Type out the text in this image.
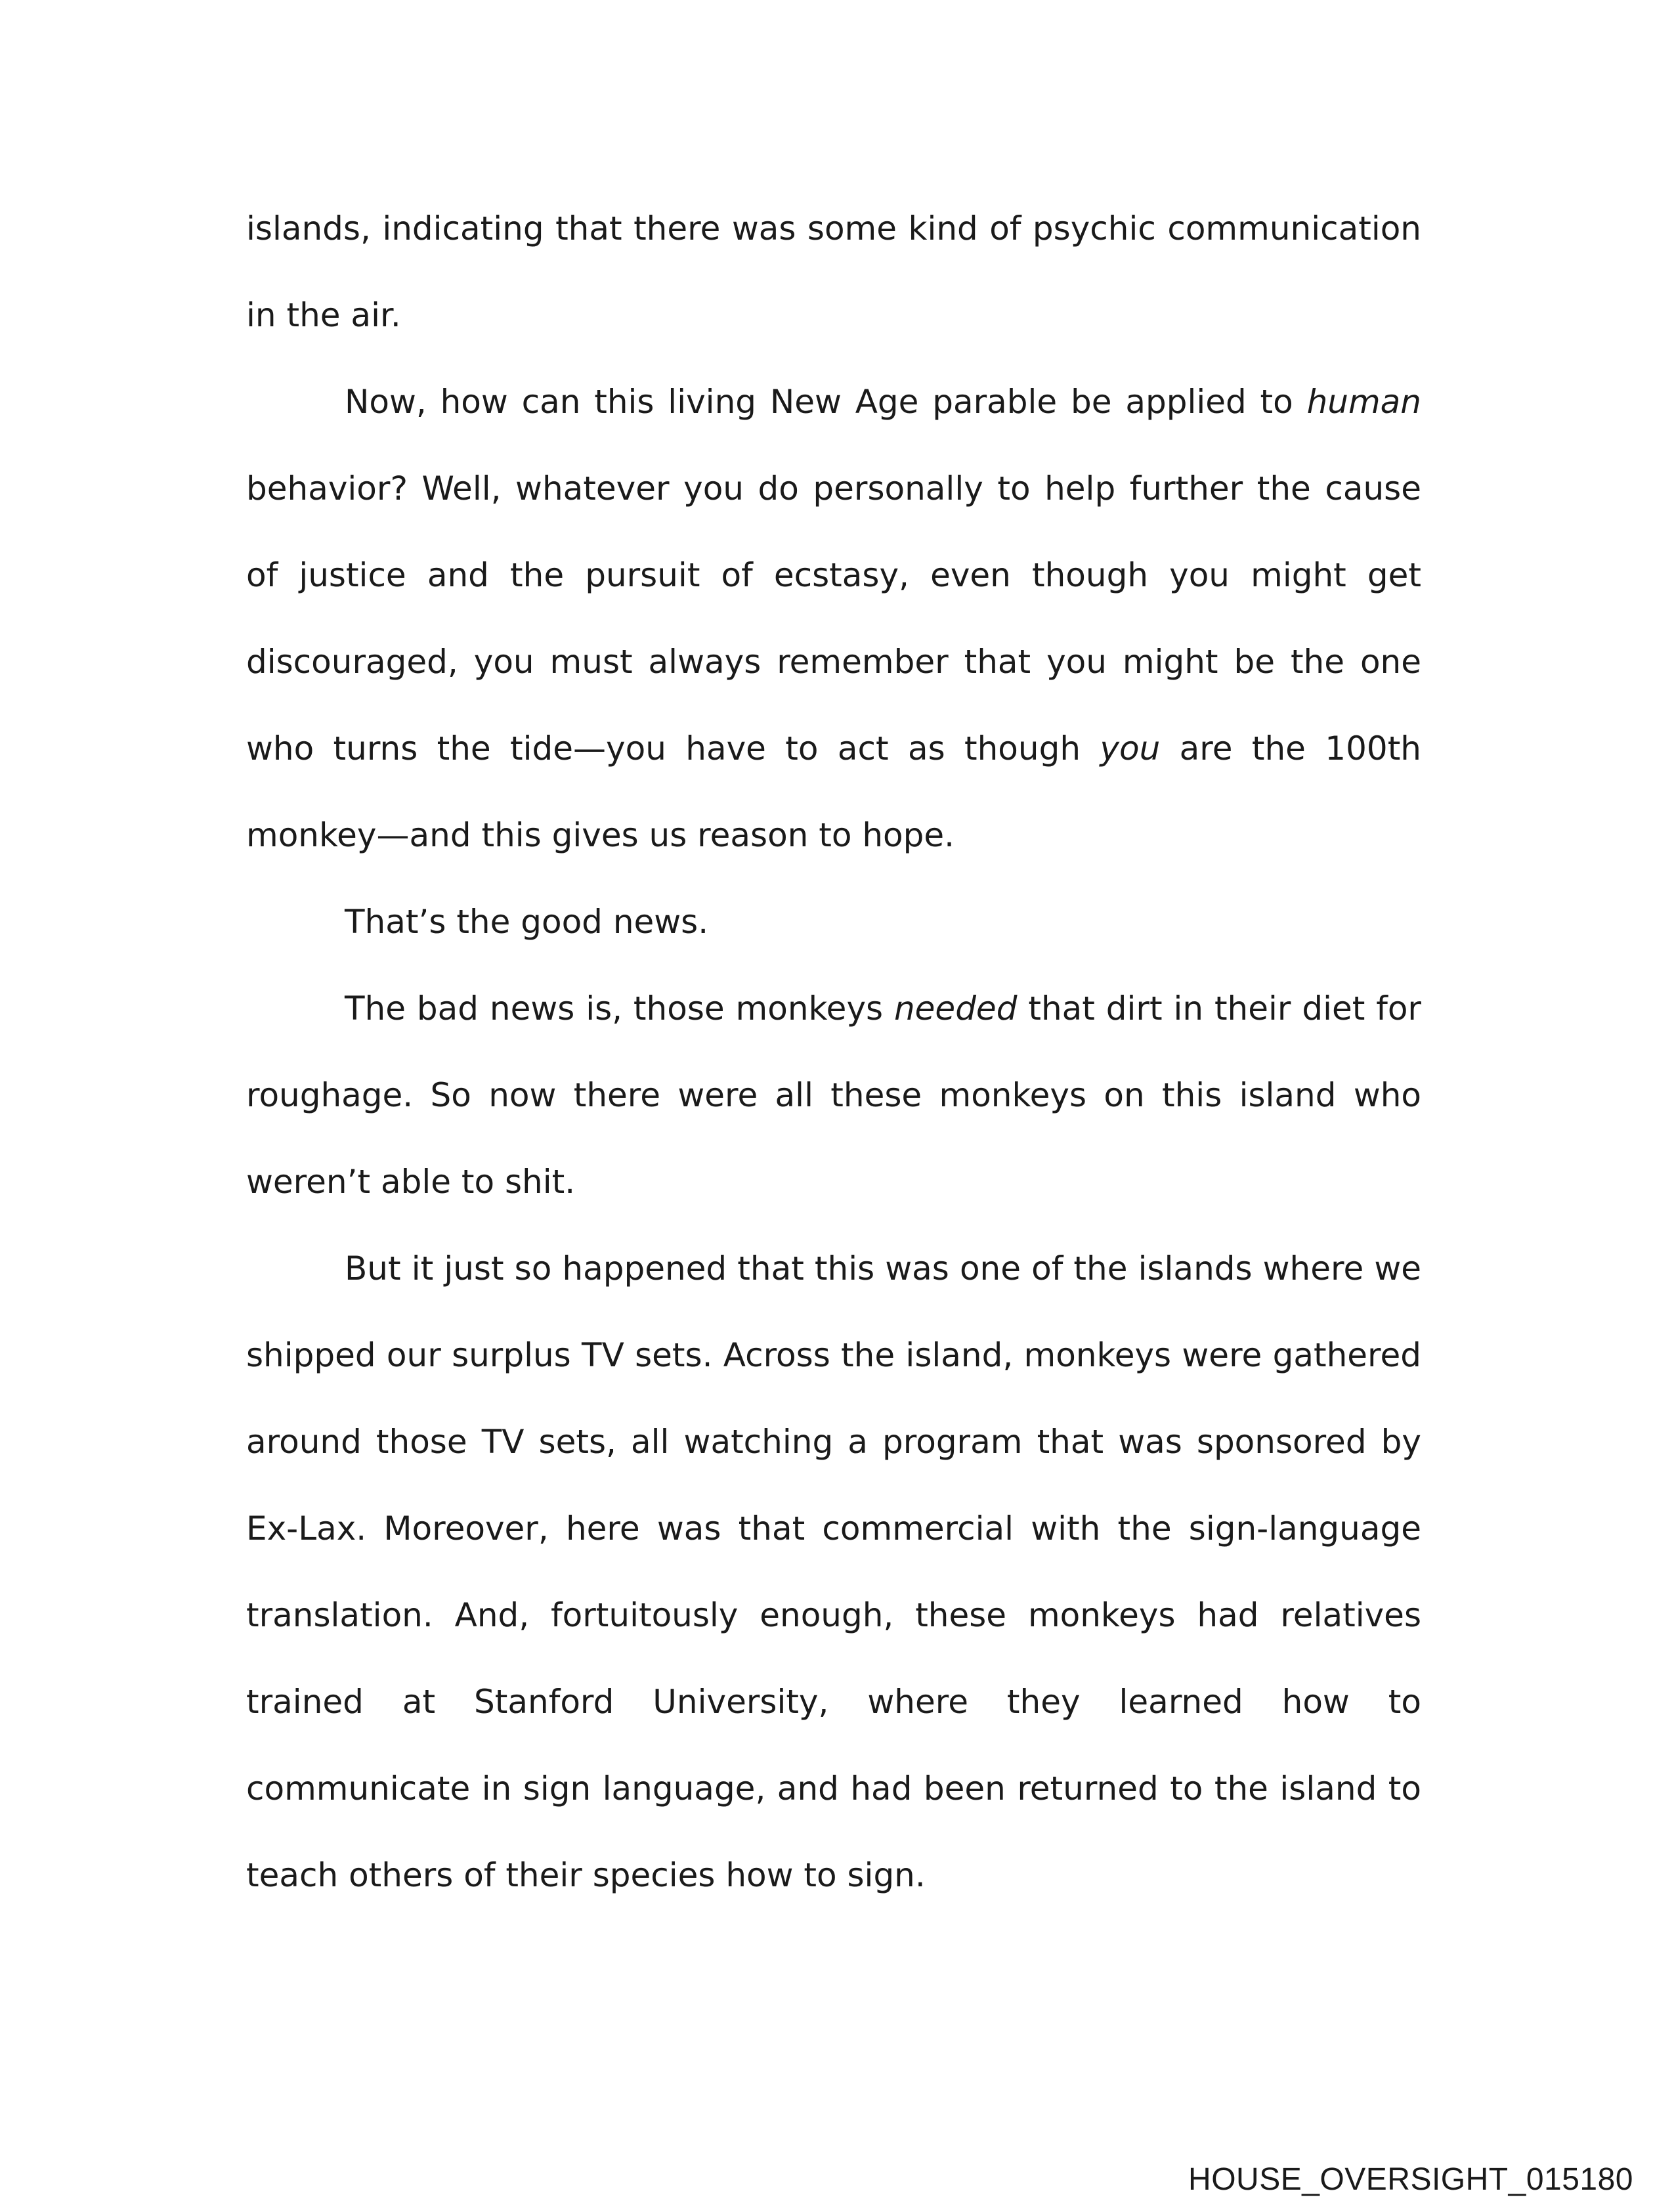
islands, indicating that there was some kind of psychic communication in the air.

Now, how can this living New Age parable be applied to human behavior? Well, whatever you do personally to help further the cause of justice and the pursuit of ecstasy, even though you might get discouraged, you must always remember that you might be the one who turns the tide—you have to act as though you are the 100th monkey—and this gives us reason to hope.

That’s the good news.

The bad news is, those monkeys needed that dirt in their diet for roughage. So now there were all these monkeys on this island who weren’t able to shit.

But it just so happened that this was one of the islands where we shipped our surplus TV sets. Across the island, monkeys were gathered around those TV sets, all watching a program that was sponsored by Ex-Lax. Moreover, here was that commercial with the sign-language translation. And, fortuitously enough, these monkeys had relatives trained at Stanford University, where they learned how to communicate in sign language, and had been returned to the island to teach others of their species how to sign.

HOUSE_OVERSIGHT_015180
